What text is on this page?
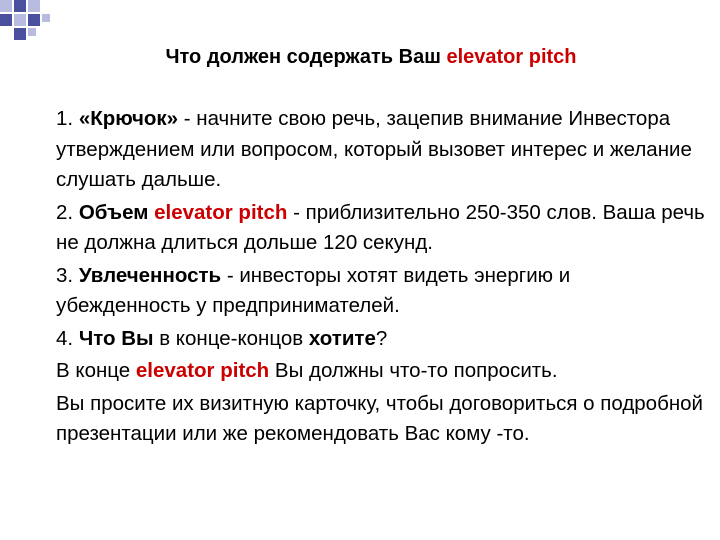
Что должен содержать Ваш elevator pitch
1. «Крючок» - начните свою речь, зацепив внимание Инвестора утверждением или вопросом, который вызовет интерес и желание слушать дальше.
2. Объем elevator pitch - приблизительно 250-350 слов. Ваша речь не должна длиться дольше 120 секунд.
3. Увлеченность - инвесторы хотят видеть энергию и убежденность у предпринимателей.
4. Что Вы в конце-концов хотите?
В конце elevator pitch Вы должны что-то попросить.
Вы просите их визитную карточку, чтобы договориться о подробной презентации или же рекомендовать Вас кому -то.
